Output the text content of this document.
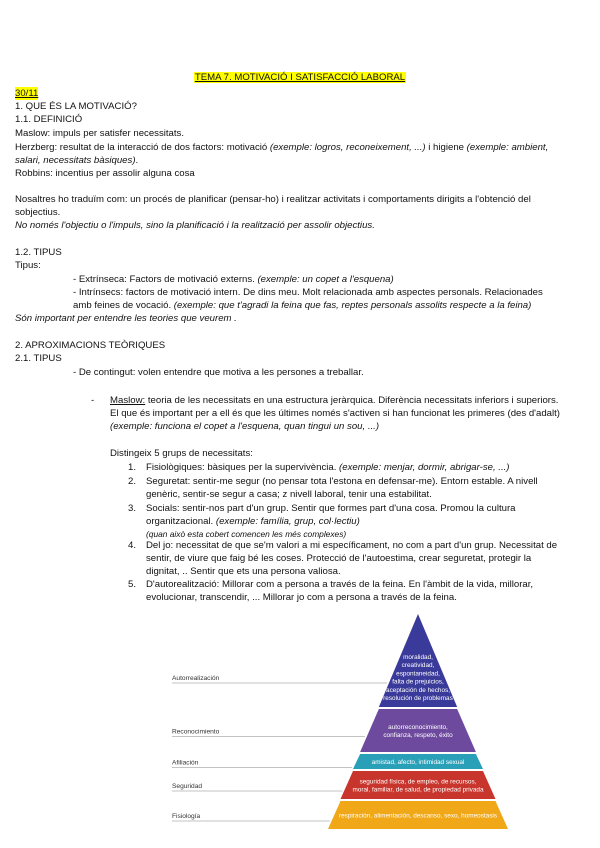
TEMA 7. MOTIVACIÓ I SATISFACCIÓ LABORAL
30/11
1. QUE ÉS LA MOTIVACIÓ?
1.1. DEFINICIÓ
Maslow: impuls per satisfer necessitats.
Herzberg: resultat de la interacció de dos factors: motivació (exemple: logros, reconeixement, ...) i higiene (exemple: ambient,
salari, necessitats bàsiques).
Robbins: incentius per assolir alguna cosa
Nosaltres ho traduïm com: un procés de planificar (pensar-ho) i realitzar activitats i comportaments dirigits a l'obtenció del
sobjectius.
No només l'objectiu o l'impuls, sino la planificació i la realització per assolir objectius.
1.2. TIPUS
Tipus:
- Extrínseca: Factors de motivació externs. (exemple: un copet a l'esquena)
- Intrínsecs: factors de motivació intern. De dins meu. Molt relacionada amb aspectes personals. Relacionades
amb feines de vocació. (exemple: que t'agradi la feina que fas, reptes personals assolits respecte a la feina)
Són important per entendre les teories que veurem .
2. APROXIMACIONS TEÒRIQUES
2.1. TIPUS
- De contingut: volen entendre que motiva a les persones a treballar.
- Maslow: teoria de les necessitats en una estructura jeràrquica. Diferència necessitats inferiors i superiors.
El que és important per a ell és que les últimes només s'activen si han funcionat les primeres (des d'adalt)
(exemple: funciona el copet a l'esquena, quan tingui un sou, ...)
Distingeix 5 grups de necessitats:
1. Fisiològiques: bàsiques per la supervivència. (exemple: menjar, dormir, abrigar-se, ...)
2. Seguretat: sentir-me segur (no pensar tota l'estona en defensar-me). Entorn estable. A nivell
genèric, sentir-se segur a casa; z nivell laboral, tenir una estabilitat.
3. Socials: sentir-nos part d'un grup. Sentir que formes part d'una cosa. Promou la cultura
organitzacional. (exemple: família, grup, col·lectiu)
(quan això esta cobert comencen les més complexes)
4. Del jo: necessitat de que se'm valori a mi específicament, no com a part d'un grup. Necessitat de
sentir, de viure que faig bé les coses. Protecció de l'autoestima, crear seguretat, protegir la
dignitat, .. Sentir que ets una persona valiosa.
5. D'autorealització: Millorar com a persona a través de la feina. En l'àmbit de la vida, millorar,
evolucionar, transcendir, ... Millorar jo com a persona a través de la feina.
moralidad,
creatividad,
espontaneidad,
falta de prejuicios,
aceptación de hechos,
resolución de problemas
Autorrealización
autorreconocimiento,
confianza, respeto, éxito
Reconocimiento
amistad, afecto, intimidad sexual
Afiliación
seguridad física, de empleo, de recursos,
moral, familiar, de salud, de propiedad privada
Seguridad
respiración, alimentación, descanso, sexo, homeostasis
Fisiología
